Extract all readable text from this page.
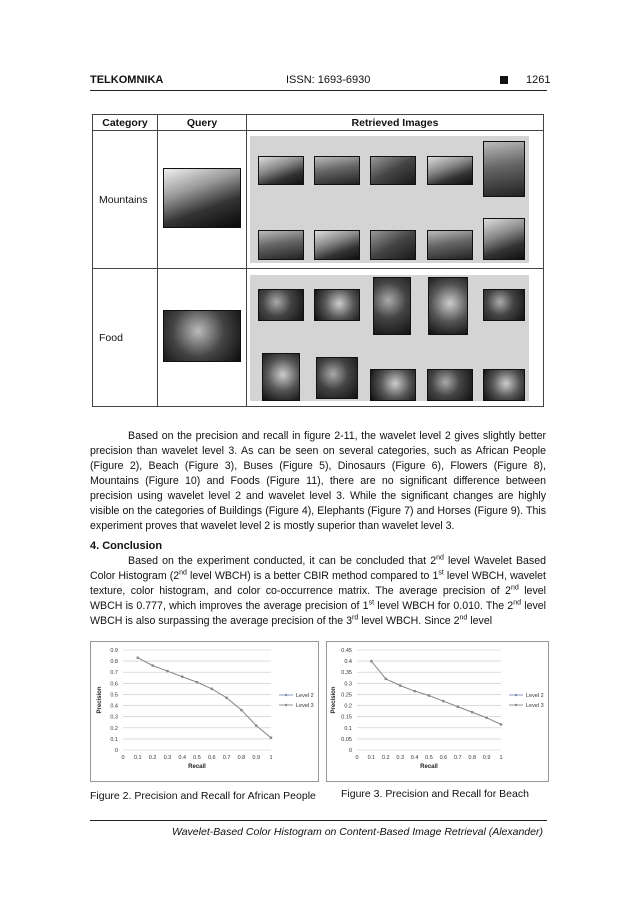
TELKOMNIKA	ISSN: 1693-6930	1261
Category	Query	Retrieved Images
Mountains		

Food		
Based on the precision and recall in figure 2-11, the wavelet level 2 gives slightly better precision than wavelet level 3. As can be seen on several categories, such as African People (Figure 2), Beach (Figure 3), Buses (Figure 5), Dinosaurs (Figure 6), Flowers (Figure 8), Mountains (Figure 10) and Foods (Figure 11), there are no significant difference between precision using wavelet level 2 and wavelet level 3. While the significant changes are highly visible on the categories of Buildings (Figure 4), Elephants (Figure 7) and Horses (Figure 9). This experiment proves that wavelet level 2 is mostly superior than wavelet level 3.
4. Conclusion
Based on the experiment conducted, it can be concluded that 2nd level Wavelet Based Color Histogram (2nd level WBCH) is a better CBIR method compared to 1st level WBCH, wavelet texture, color histogram, and color co-occurrence matrix. The average precision of 2nd level WBCH is 0.777, which improves the average precision of 1st level WBCH for 0.010. The 2nd level WBCH is also surpassing the average precision of the 3rd level WBCH. Since 2nd level
0
0.1
0.2
0.3
0.4
0.5
0.6
0.7
0.8
0.9
0 0.1 0.2 0.3 0.4 0.5 0.6 0.7 0.8 0.9 1
Recall
Precision	Level 2
Level 3
0
0.05
0.1
0.15
0.2
0.25
0.3
0.35
0.4
0.45
0 0.1 0.2 0.3 0.4 0.5 0.6 0.7 0.8 0.9 1
Recall
Precision	Level 2
Level 3
Figure 2. Precision and Recall for African People Figure 3. Precision and Recall for Beach
Wavelet-Based Color Histogram on Content-Based Image Retrieval (Alexander)
